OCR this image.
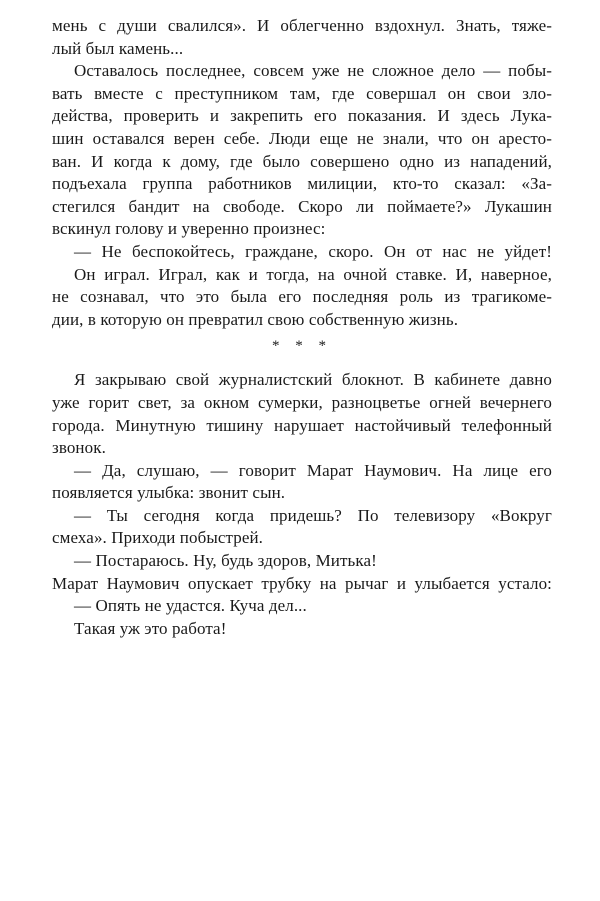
мень с души свалился». И облегченно вздохнул. Знать, тяже-
лый был камень...
Оставалось последнее, совсем уже не сложное дело — побы-
вать вместе с преступником там, где совершал он свои зло-
действа, проверить и закрепить его показания. И здесь Лука-
шин оставался верен себе. Люди еще не знали, что он аресто-
ван. И когда к дому, где было совершено одно из нападений,
подъехала группа работников милиции, кто-то сказал: «За-
стегился бандит на свободе. Скоро ли поймаете?» Лукашин
вскинул голову и уверенно произнес:
— Не беспокойтесь, граждане, скоро. Он от нас не уйдет!
Он играл. Играл, как и тогда, на очной ставке. И, наверное,
не сознавал, что это была его последняя роль из трагикоме-
дии, в которую он превратил свою собственную жизнь.
* * *
Я закрываю свой журналистский блокнот. В кабинете давно
уже горит свет, за окном сумерки, разноцветье огней вечернего
города. Минутную тишину нарушает настойчивый телефонный
звонок.
— Да, слушаю, — говорит Марат Наумович. На лице его
появляется улыбка: звонит сын.
— Ты сегодня когда придешь? По телевизору «Вокруг
смеха». Приходи побыстрей.
— Постараюсь. Ну, будь здоров, Митька!
Марат Наумович опускает трубку на рычаг и улыбается устало:
— Опять не удастся. Куча дел...
Такая уж это работа!
